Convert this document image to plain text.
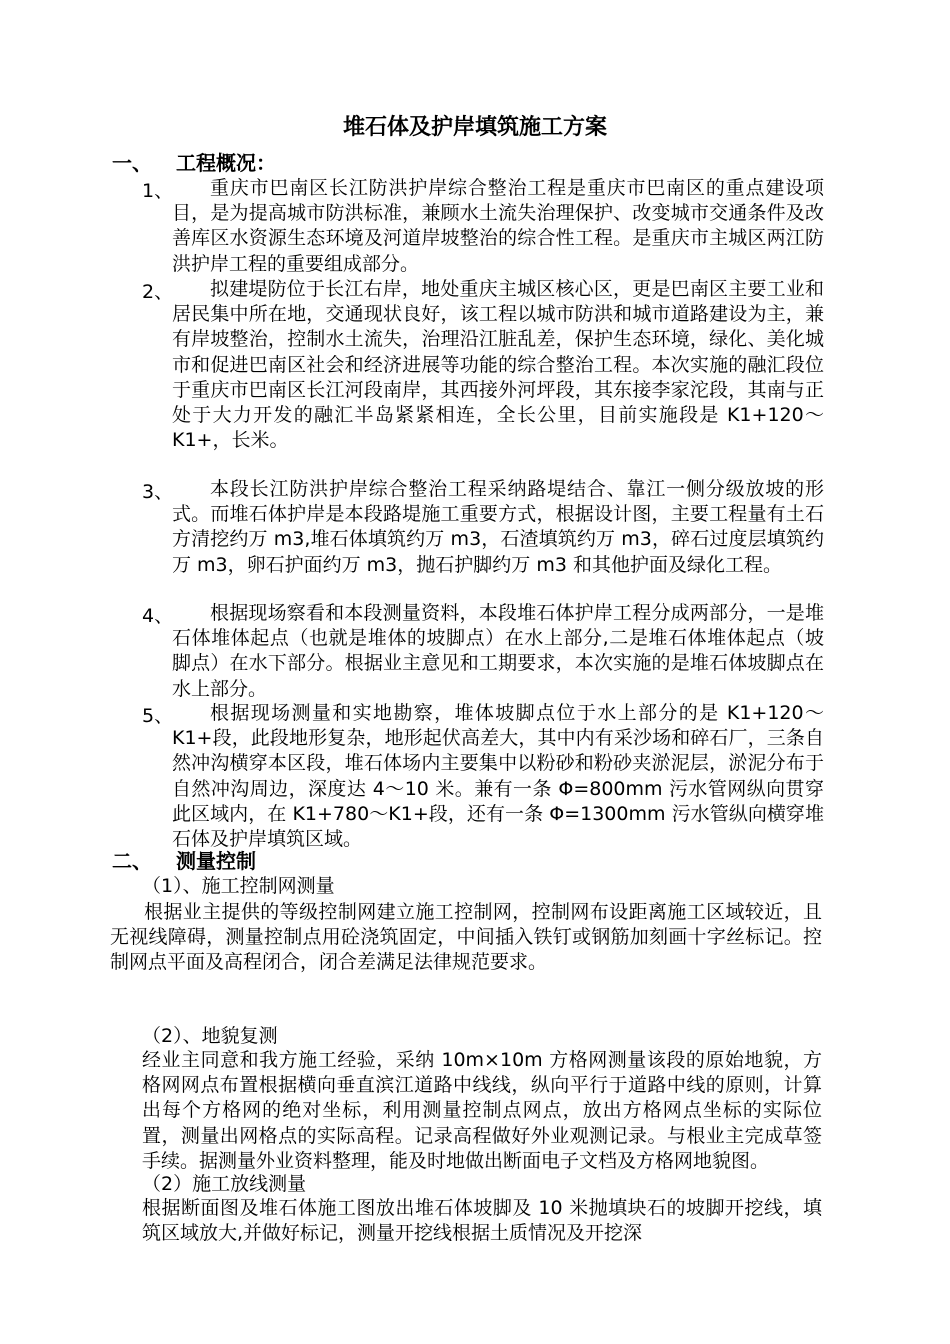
堆石体及护岸填筑施工方案
一、 工程概况：
1、	重庆市巴南区长江防洪护岸综合整治工程是重庆市巴南区的重点建设项目，是为提高城市防洪标准，兼顾水土流失治理保护、改变城市交通条件及改善库区水资源生态环境及河道岸坡整治的综合性工程。是重庆市主城区两江防洪护岸工程的重要组成部分。
2、	拟建堤防位于长江右岸，地处重庆主城区核心区，更是巴南区主要工业和居民集中所在地，交通现状良好，该工程以城市防洪和城市道路建设为主，兼有岸坡整治，控制水土流失，治理沿江脏乱差，保护生态环境，绿化、美化城市和促进巴南区社会和经济进展等功能的综合整治工程。本次实施的融汇段位于重庆市巴南区长江河段南岸，其西接外河坪段，其东接李家沱段，其南与正处于大力开发的融汇半岛紧紧相连，全长公里，目前实施段是 K1+120～K1+，长米。
3、	本段长江防洪护岸综合整治工程采纳路堤结合、靠江一侧分级放坡的形式。而堆石体护岸是本段路堤施工重要方式，根据设计图，主要工程量有土石方清挖约万 m3,堆石体填筑约万 m3，石渣填筑约万 m3，碎石过度层填筑约万 m3，卵石护面约万 m3，抛石护脚约万 m3 和其他护面及绿化工程。
4、	根据现场察看和本段测量资料，本段堆石体护岸工程分成两部分，一是堆石体堆体起点（也就是堆体的坡脚点）在水上部分,二是堆石体堆体起点（坡脚点）在水下部分。根据业主意见和工期要求，本次实施的是堆石体坡脚点在水上部分。
5、	根据现场测量和实地勘察，堆体坡脚点位于水上部分的是 K1+120～K1+段，此段地形复杂，地形起伏高差大，其中内有采沙场和碎石厂，三条自然冲沟横穿本区段，堆石体场内主要集中以粉砂和粉砂夹淤泥层，淤泥分布于自然冲沟周边，深度达 4～10 米。兼有一条 Φ=800mm 污水管网纵向贯穿此区域内，在 K1+780～K1+段，还有一条 Φ=1300mm 污水管纵向横穿堆石体及护岸填筑区域。
二、 测量控制
（1）、施工控制网测量
根据业主提供的等级控制网建立施工控制网，控制网布设距离施工区域较近，且无视线障碍，测量控制点用砼浇筑固定，中间插入铁钉或钢筋加刻画十字丝标记。控制网点平面及高程闭合，闭合差满足法律规范要求。
（2）、地貌复测
经业主同意和我方施工经验，采纳 10m×10m 方格网测量该段的原始地貌，方格网网点布置根据横向垂直滨江道路中线线，纵向平行于道路中线的原则，计算出每个方格网的绝对坐标，利用测量控制点网点，放出方格网点坐标的实际位置，测量出网格点的实际高程。记录高程做好外业观测记录。与根业主完成草签手续。据测量外业资料整理，能及时地做出断面电子文档及方格网地貌图。
（2）施工放线测量
根据断面图及堆石体施工图放出堆石体坡脚及 10 米抛填块石的坡脚开挖线，填筑区域放大,并做好标记，测量开挖线根据土质情况及开挖深
